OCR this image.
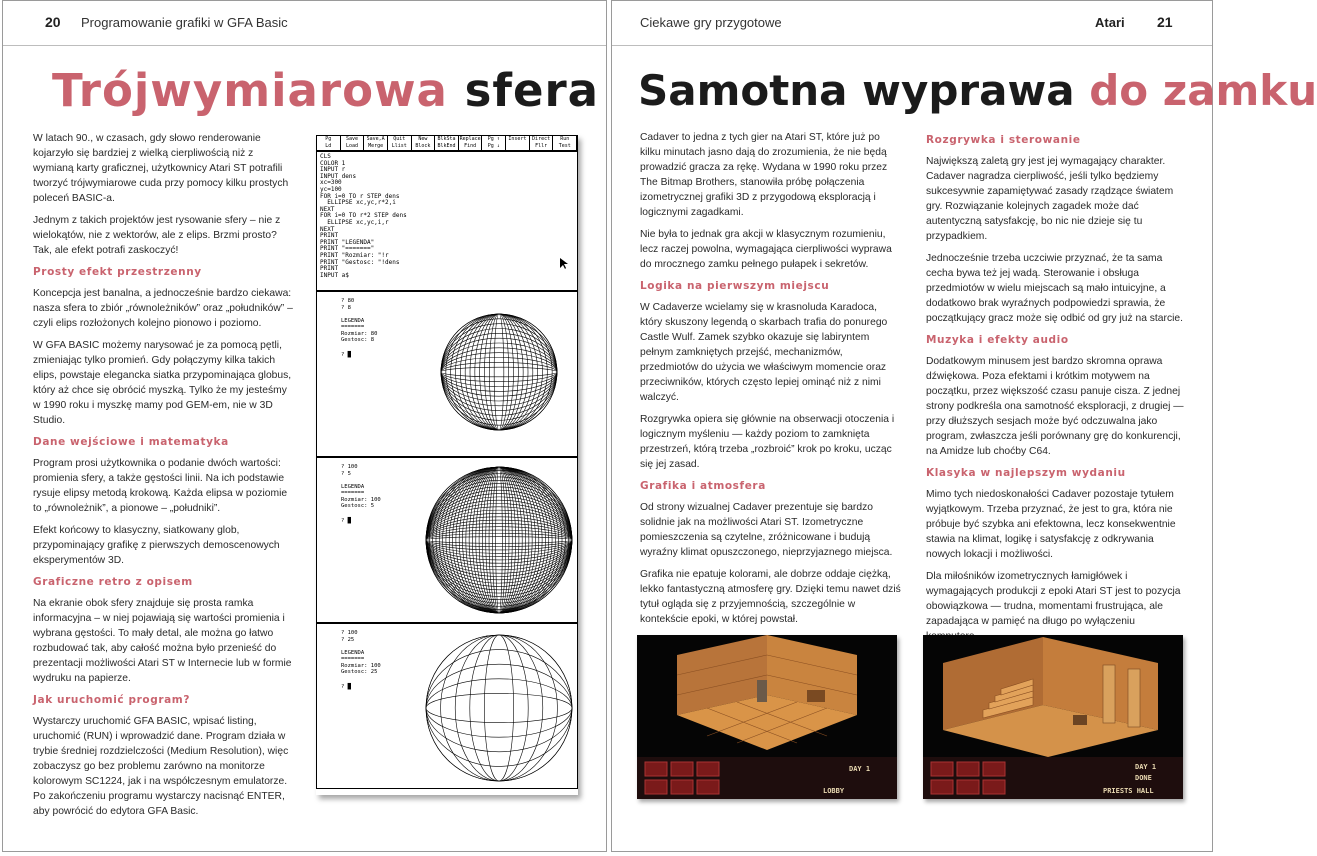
20 Programowanie grafiki w GFA Basic
Trójwymiarowa sfera

W latach 90., w czasach, gdy słowo renderowanie kojarzyło się bardziej z wielką cierpliwością niż z wymianą karty graficznej, użytkownicy Atari ST potrafili tworzyć trójwymiarowe cuda przy pomocy kilku prostych poleceń BASIC-a.

Jednym z takich projektów jest rysowanie sfery – nie z wielokątów, nie z wektorów, ale z elips. Brzmi prosto? Tak, ale efekt potrafi zaskoczyć!

Prosty efekt przestrzenny

Koncepcja jest banalna, a jednocześnie bardzo ciekawa: nasza sfera to zbiór „równoleżników” oraz „południków” – czyli elips rozłożonych kolejno pionowo i poziomo.

W GFA BASIC możemy narysować je za pomocą pętli, zmieniając tylko promień. Gdy połączymy kilka takich elips, powstaje elegancka siatka przypominająca globus, który aż chce się obrócić myszką. Tylko że my jesteśmy w 1990 roku i myszkę mamy pod GEM-em, nie w 3D Studio.

Dane wejściowe i matematyka

Program prosi użytkownika o podanie dwóch wartości: promienia sfery, a także gęstości linii. Na ich podstawie rysuje elipsy metodą krokową. Każda elipsa w poziomie to „równoleżnik”, a pionowe – „południki”.

Efekt końcowy to klasyczny, siatkowany glob, przypominający grafikę z pierwszych demoscenowych eksperymentów 3D.

Graficzne retro z opisem

Na ekranie obok sfery znajduje się prosta ramka informacyjna – w niej pojawiają się wartości promienia i wybrana gęstości. To mały detal, ale można go łatwo rozbudować tak, aby całość można było przenieść do prezentacji możliwości Atari ST w Internecie lub w formie wydruku na papierze.

Jak uruchomić program?

Wystarczy uruchomić GFA BASIC, wpisać listing, uruchomić (RUN) i wprowadzić dane. Program działa w trybie średniej rozdzielczości (Medium Resolution), więc zobaczysz go bez problemu zarówno na monitorze kolorowym SC1224, jak i na współczesnym emulatorze. Po zakończeniu programu wystarczy nacisnąć ENTER, aby powrócić do edytora GFA Basic.

Pg
Ld
Save
Load
Save,A
Merge
Quit
Llist
New
Block
BlkSta
BlkEnd
Replace
Find
Pg ↑
Pg ↓
Insert	Direct
Fllr
Run
Test
CLS
COLOR 1
INPUT r
INPUT dens
xc=300
yc=100
FOR i=0 TO r STEP dens
ELLIPSE xc,yc,r*2,i
NEXT
FOR i=0 TO r*2 STEP dens
ELLIPSE xc,yc,i,r
NEXT
PRINT
PRINT "LEGENDA"
PRINT "======="
PRINT "Rozmiar: "!r
PRINT "Gestosc: "!dens
PRINT
INPUT a$
? 80
? 8
LEGENDA
=======
Rozmiar: 80
Gestosc: 8
? █
? 100
? 5
LEGENDA
=======
Rozmiar: 100
Gestosc: 5
? █
? 100
? 25
LEGENDA
=======
Rozmiar: 100
Gestosc: 25
? █
Ciekawe gry przygotowe	Atari 21
Samotna wyprawa do zamku

Cadaver to jedna z tych gier na Atari ST, które już po kilku minutach jasno dają do zrozumienia, że nie będą prowadzić gracza za rękę. Wydana w 1990 roku przez The Bitmap Brothers, stanowiła próbę połączenia izometrycznej grafiki 3D z przygodową eksploracją i logicznymi zagadkami.

Nie była to jednak gra akcji w klasycznym rozumieniu, lecz raczej powolna, wymagająca cierpliwości wyprawa do mrocznego zamku pełnego pułapek i sekretów.

Logika na pierwszym miejscu

W Cadaverze wcielamy się w krasnoluda Karadoca, który skuszony legendą o skarbach trafia do ponurego Castle Wulf. Zamek szybko okazuje się labiryntem pełnym zamkniętych przejść, mechanizmów, przedmiotów do użycia we właściwym momencie oraz przeciwników, których często lepiej ominąć niż z nimi walczyć.

Rozgrywka opiera się głównie na obserwacji otoczenia i logicznym myśleniu — każdy poziom to zamknięta przestrzeń, którą trzeba „rozbroić” krok po kroku, ucząc się jej zasad.

Grafika i atmosfera

Od strony wizualnej Cadaver prezentuje się bardzo solidnie jak na możliwości Atari ST. Izometryczne pomieszczenia są czytelne, zróżnicowane i budują wyraźny klimat opuszczonego, nieprzyjaznego miejsca.

Grafika nie epatuje kolorami, ale dobrze oddaje ciężką, lekko fantastyczną atmosferę gry. Dzięki temu nawet dziś tytuł ogląda się z przyjemnością, szczególnie w kontekście epoki, w której powstał.

Rozgrywka i sterowanie

Największą zaletą gry jest jej wymagający charakter. Cadaver nagradza cierpliwość, jeśli tylko będziemy sukcesywnie zapamiętywać zasady rządzące światem gry. Rozwiązanie kolejnych zagadek może dać autentyczną satysfakcję, bo nic nie dzieje się tu przypadkiem.

Jednocześnie trzeba uczciwie przyznać, że ta sama cecha bywa też jej wadą. Sterowanie i obsługa przedmiotów w wielu miejscach są mało intuicyjne, a dodatkowo brak wyraźnych podpowiedzi sprawia, że początkujący gracz może się odbić od gry już na starcie.

Muzyka i efekty audio

Dodatkowym minusem jest bardzo skromna oprawa dźwiękowa. Poza efektami i krótkim motywem na początku, przez większość czasu panuje cisza. Z jednej strony podkreśla ona samotność eksploracji, z drugiej — przy dłuższych sesjach może być odczuwalna jako program, zwłaszcza jeśli porównany grę do konkurencji, na Amidze lub choćby C64.

Klasyka w najlepszym wydaniu

Mimo tych niedoskonałości Cadaver pozostaje tytułem wyjątkowym. Trzeba przyznać, że jest to gra, która nie próbuje być szybka ani efektowna, lecz konsekwentnie stawia na klimat, logikę i satysfakcję z odkrywania nowych lokacji i możliwości.

Dla miłośników izometrycznych łamigłówek i wymagających produkcji z epoki Atari ST jest to pozycja obowiązkowa — trudna, momentami frustrująca, ale zapadająca w pamięć na długo po wyłączeniu

DAY 1
LOBBY
DAY 1
DONE
PRIESTS HALL
